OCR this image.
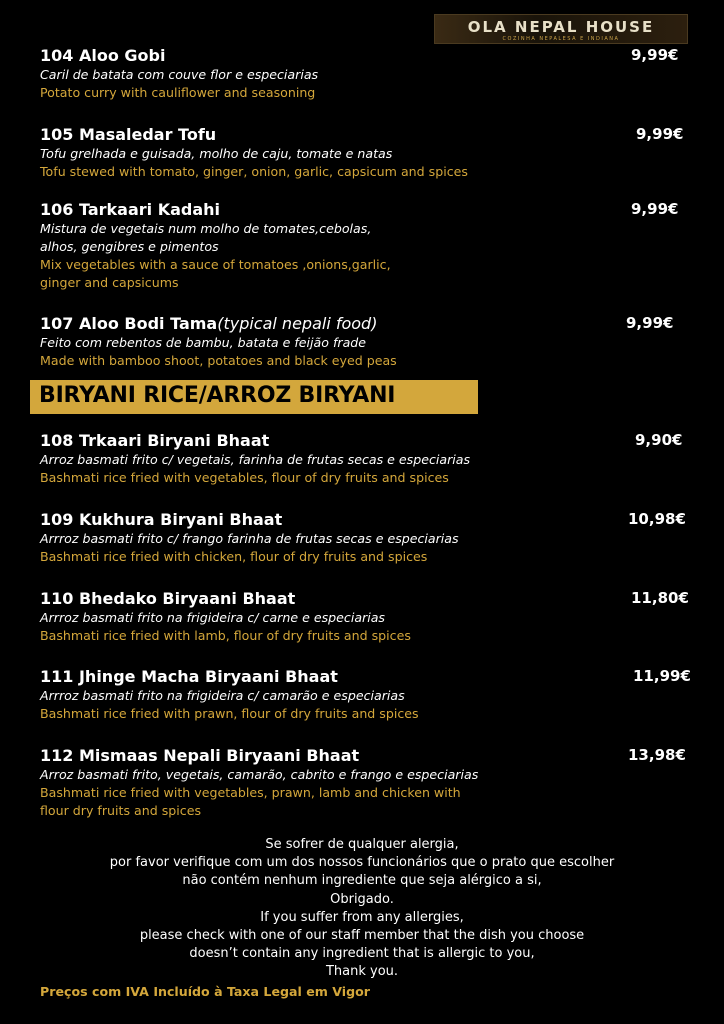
OLA NEPAL HOUSE
COZINHA NEPALESA E INDIANA
104 Aloo Gobi
Caril de batata com couve flor e especiarias
Potato curry with cauliflower and seasoning
9,99€
105 Masaledar Tofu
Tofu grelhada e guisada, molho de caju, tomate e natas
Tofu stewed with tomato, ginger, onion, garlic, capsicum and spices
9,99€
106 Tarkaari Kadahi
Mistura de vegetais num molho de tomates,cebolas,
alhos, gengibres e pimentos
Mix vegetables with a sauce of tomatoes ,onions,garlic,
ginger and capsicums
9,99€
107 Aloo Bodi Tama(typical nepali food)
Feito com rebentos de bambu, batata e feijão frade
Made with bamboo shoot, potatoes and black eyed peas
9,99€
BIRYANI RICE/ARROZ BIRYANI
108 Trkaari Biryani Bhaat
Arroz basmati frito c/ vegetais, farinha de frutas secas e especiarias
Bashmati rice fried with vegetables, flour of dry fruits and spices
9,90€
109 Kukhura Biryani Bhaat
Arrroz basmati frito c/ frango farinha de frutas secas e especiarias
Bashmati rice fried with chicken, flour of dry fruits and spices
10,98€
110 Bhedako Biryaani Bhaat
Arrroz basmati frito na frigideira c/ carne e especiarias
Bashmati rice fried with lamb, flour of dry fruits and spices
11,80€
111 Jhinge Macha Biryaani Bhaat
Arrroz basmati frito na frigideira c/ camarão e especiarias
Bashmati rice fried with prawn, flour of dry fruits and spices
11,99€
112 Mismaas Nepali Biryaani Bhaat
Arroz basmati frito, vegetais, camarão, cabrito e frango e especiarias
Bashmati rice fried with vegetables, prawn, lamb and chicken with
flour dry fruits and spices
13,98€
Se sofrer de qualquer alergia,
por favor verifique com um dos nossos funcionários que o prato que escolher
não contém nenhum ingrediente que seja alérgico a si,
Obrigado.
If you suffer from any allergies,
please check with one of our staff member that the dish you choose
doesn’t contain any ingredient that is allergic to you,
Thank you.
Preços com IVA Incluído à Taxa Legal em Vigor
